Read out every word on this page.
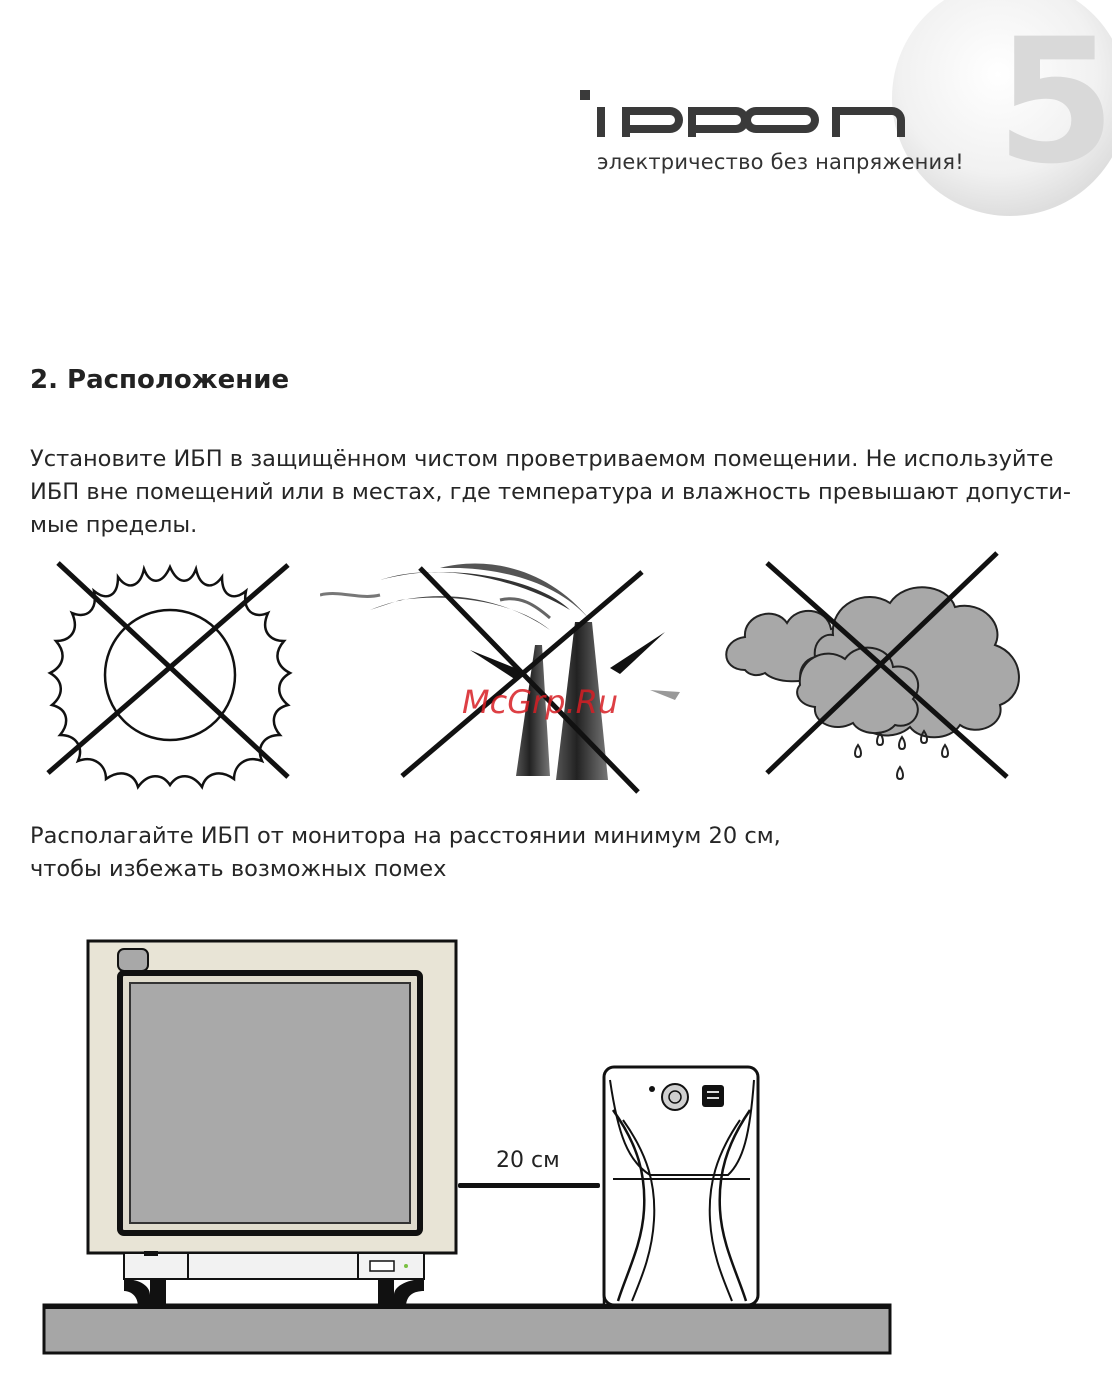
5
электричество без напряжения!
2. Расположение
Установите ИБП в защищённом чистом проветриваемом помещении. Не используйте
ИБП вне помещений или в местах, где температура и влажность превышают допусти-
мые пределы.
McGrp.Ru
Располагайте ИБП от монитора на расстоянии минимум 20 см,
чтобы избежать возможных помех
20 см
